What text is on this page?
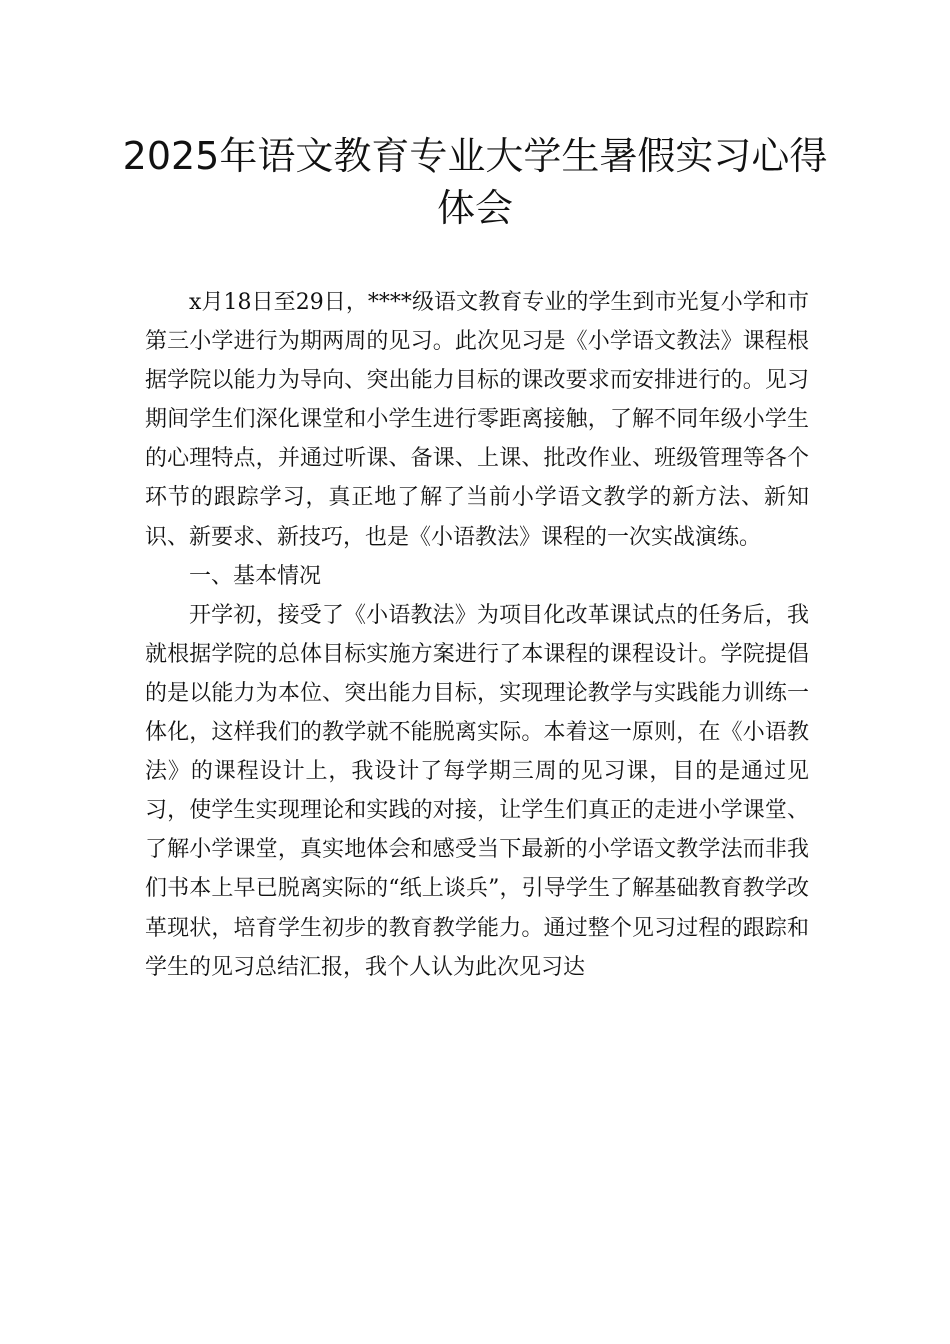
2025年语文教育专业大学生暑假实习心得体会

x月18日至29日，****级语文教育专业的学生到市光复小学和市第三小学进行为期两周的见习。此次见习是《小学语文教法》课程根据学院以能力为导向、突出能力目标的课改要求而安排进行的。见习期间学生们深化课堂和小学生进行零距离接触，了解不同年级小学生的心理特点，并通过听课、备课、上课、批改作业、班级管理等各个环节的跟踪学习，真正地了解了当前小学语文教学的新方法、新知识、新要求、新技巧，也是《小语教法》课程的一次实战演练。

一、基本情况

开学初，接受了《小语教法》为项目化改革课试点的任务后，我就根据学院的总体目标实施方案进行了本课程的课程设计。学院提倡的是以能力为本位、突出能力目标，实现理论教学与实践能力训练一体化，这样我们的教学就不能脱离实际。本着这一原则，在《小语教法》的课程设计上，我设计了每学期三周的见习课，目的是通过见习，使学生实现理论和实践的对接，让学生们真正的走进小学课堂、了解小学课堂，真实地体会和感受当下最新的小学语文教学法而非我们书本上早已脱离实际的“纸上谈兵”，引导学生了解基础教育教学改革现状，培育学生初步的教育教学能力。通过整个见习过程的跟踪和学生的见习总结汇报，我个人认为此次见习达
